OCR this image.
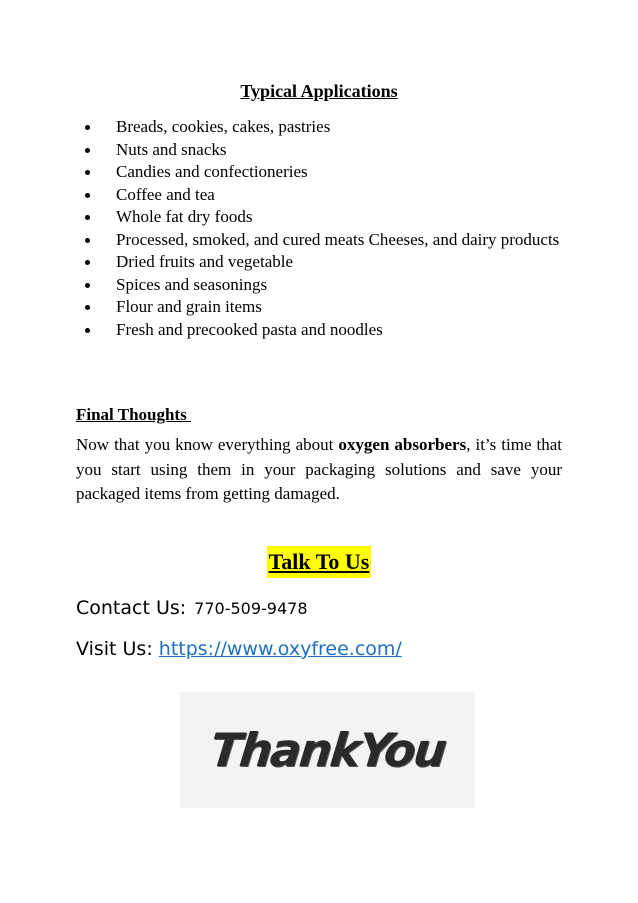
Typical Applications
Breads, cookies, cakes, pastries
Nuts and snacks
Candies and confectioneries
Coffee and tea
Whole fat dry foods
Processed, smoked, and cured meats Cheeses, and dairy products
Dried fruits and vegetable
Spices and seasonings
Flour and grain items
Fresh and precooked pasta and noodles
Final Thoughts

Now that you know everything about oxygen absorbers, it’s time that you start using them in your packaging solutions and save your packaged items from getting damaged.

Talk To Us
Contact Us: 770-509-9478
Visit Us: https://www.oxyfree.com/
ThankYou
